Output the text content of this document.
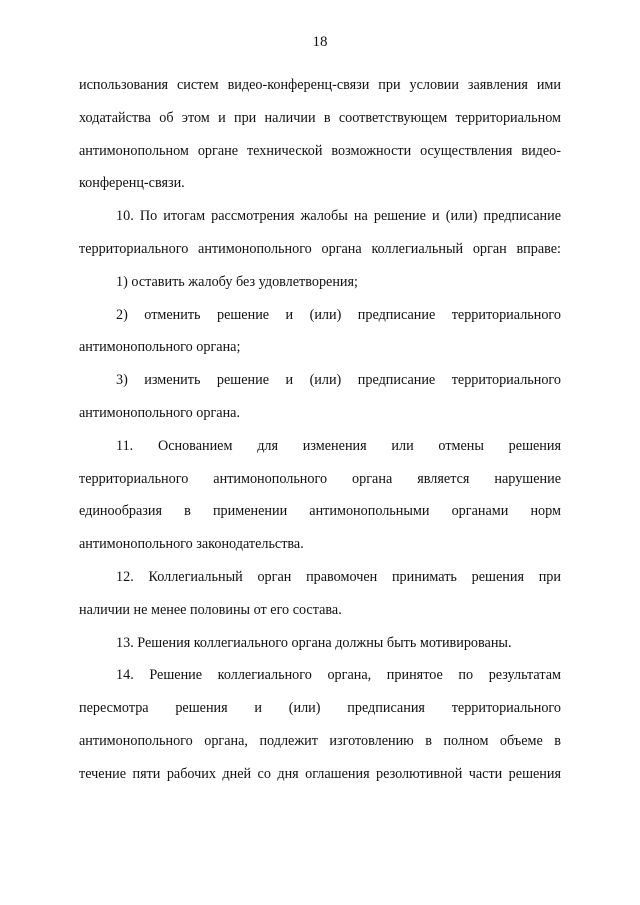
18
использования систем видео-конференц-связи при условии заявления ими
ходатайства об этом и при наличии в соответствующем территориальном
антимонопольном органе технической возможности осуществления видео-
конференц-связи.
10. По итогам рассмотрения жалобы на решение и (или) предписание
территориального антимонопольного органа коллегиальный орган вправе:
1) оставить жалобу без удовлетворения;
2) отменить решение и (или) предписание территориального
антимонопольного органа;
3) изменить решение и (или) предписание территориального
антимонопольного органа.
11. Основанием для изменения или отмены решения
территориального антимонопольного органа является нарушение
единообразия в применении антимонопольными органами норм
антимонопольного законодательства.
12. Коллегиальный орган правомочен принимать решения при
наличии не менее половины от его состава.
13. Решения коллегиального органа должны быть мотивированы.
14. Решение коллегиального органа, принятое по результатам
пересмотра решения и (или) предписания территориального
антимонопольного органа, подлежит изготовлению в полном объеме в
течение пяти рабочих дней со дня оглашения резолютивной части решения
